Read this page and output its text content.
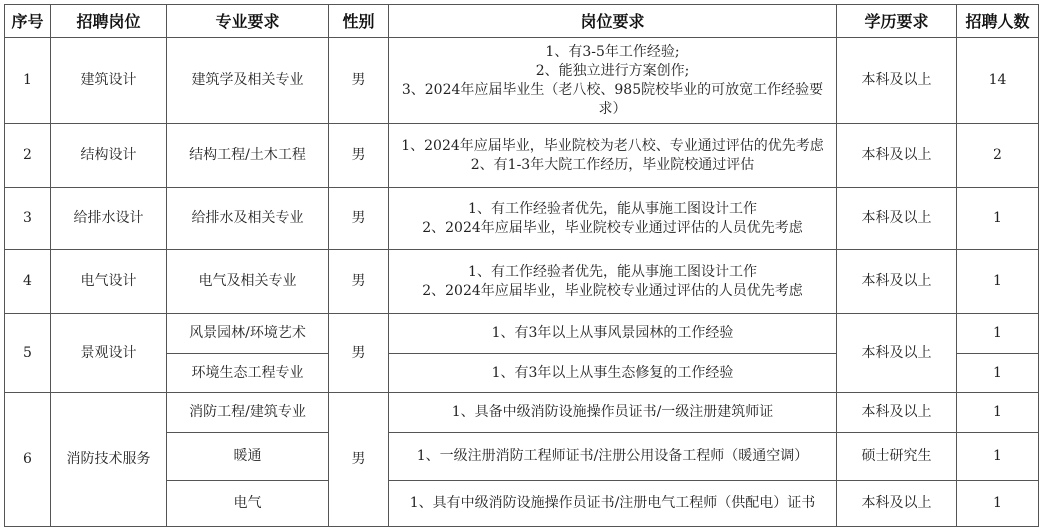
序号	招聘岗位	专业要求	性别	岗位要求	学历要求	招聘人数
1	建筑设计	建筑学及相关专业	男	1、有3-5年工作经验;
2、能独立进行方案创作;
3、2024年应届毕业生（老八校、985院校毕业的可放宽工作经验要求）	本科及以上	14
2	结构设计	结构工程/土木工程	男	1、2024年应届毕业，毕业院校为老八校、专业通过评估的优先考虑
2、有1-3年大院工作经历，毕业院校通过评估	本科及以上	2
3	给排水设计	给排水及相关专业	男	1、有工作经验者优先，能从事施工图设计工作
2、2024年应届毕业，毕业院校专业通过评估的人员优先考虑	本科及以上	1
4	电气设计	电气及相关专业	男	1、有工作经验者优先，能从事施工图设计工作
2、2024年应届毕业，毕业院校专业通过评估的人员优先考虑	本科及以上	1
5	景观设计	风景园林/环境艺术	男	1、有3年以上从事风景园林的工作经验	本科及以上	1
		环境生态工程专业		1、有3年以上从事生态修复的工作经验		1
6	消防技术服务	消防工程/建筑专业	男	1、具备中级消防设施操作员证书/一级注册建筑师证	本科及以上	1
		暖通		1、一级注册消防工程师证书/注册公用设备工程师（暖通空调）	硕士研究生	1
		电气		1、具有中级消防设施操作员证书/注册电气工程师（供配电）证书	本科及以上	1
